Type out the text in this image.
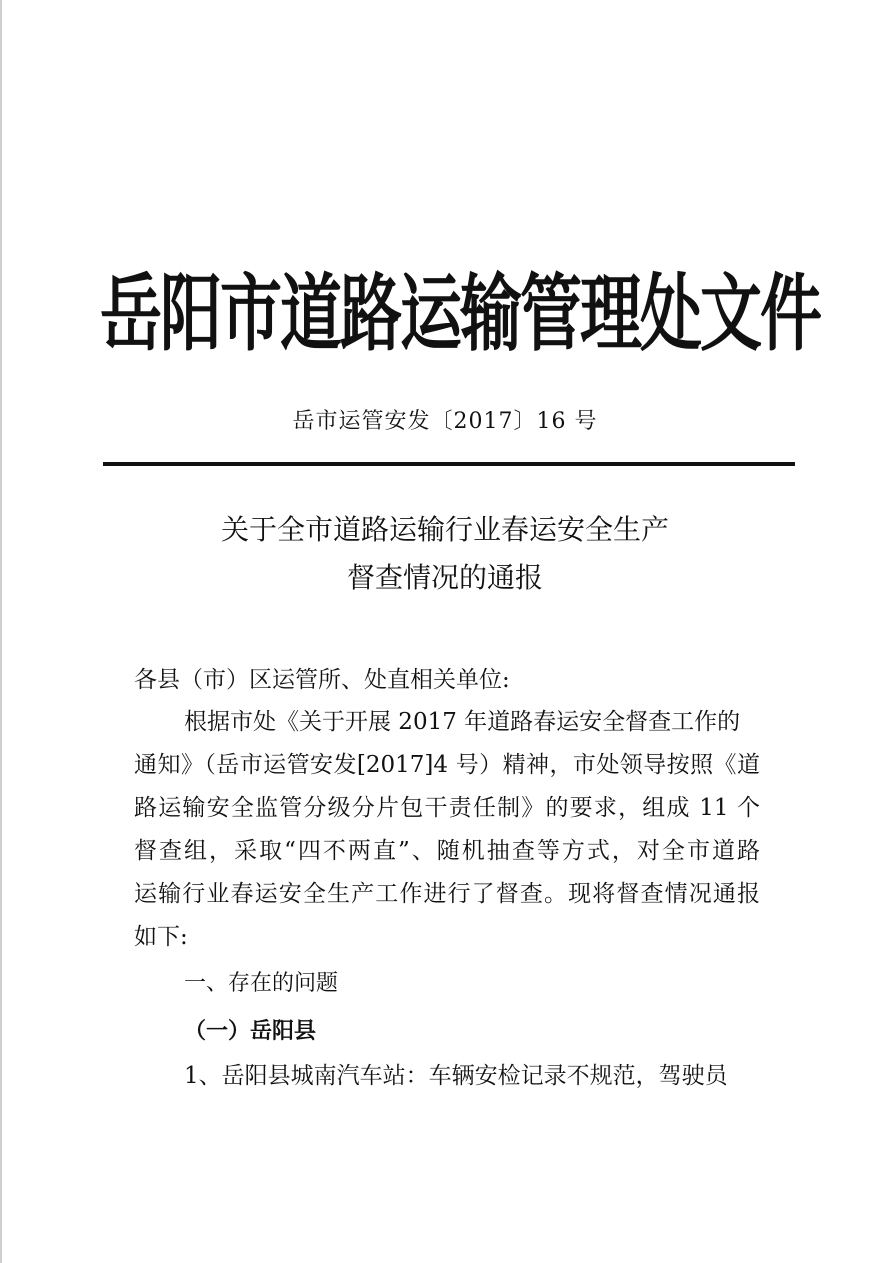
岳阳市道路运输管理处文件
岳市运管安发〔2017〕16 号
关于全市道路运输行业春运安全生产
督查情况的通报
各县（市）区运管所、处直相关单位:
根据市处《关于开展 2017 年道路春运安全督查工作的
通知》（岳市运管安发[2017]4 号）精神，市处领导按照《道
路运输安全监管分级分片包干责任制》的要求，组成 11 个
督查组，采取“四不两直”、随机抽查等方式，对全市道路
运输行业春运安全生产工作进行了督查。现将督查情况通报
如下:
一、存在的问题
（一）岳阳县
1、岳阳县城南汽车站：车辆安检记录不规范，驾驶员
